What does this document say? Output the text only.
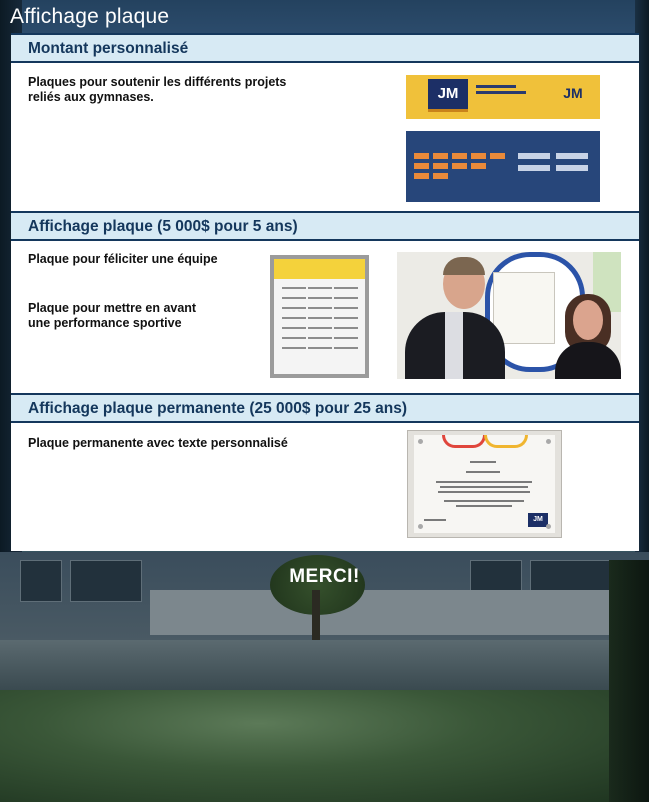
Affichage plaque
Montant personnalisé

Plaques pour soutenir les différents projets

reliés aux gymnases.	JM	JM
Affichage plaque (5 000$ pour 5 ans)

Plaque pour féliciter une équipe

Plaque pour mettre en avant

une performance sportive

Affichage plaque permanente (25 000$ pour 25 ans)

Plaque permanente avec texte personnalisé

JM

MERCI!
